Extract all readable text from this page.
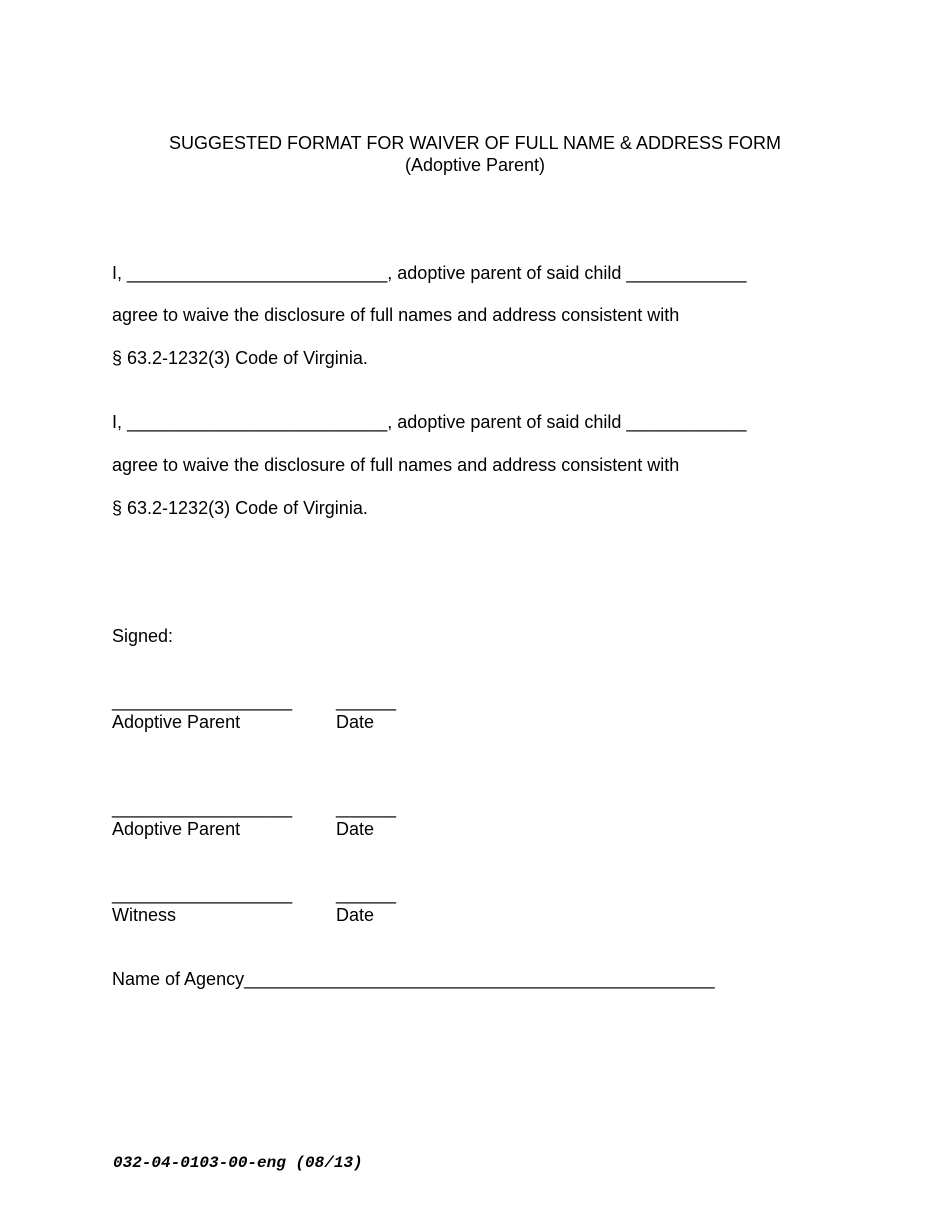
SUGGESTED FORMAT FOR WAIVER OF FULL NAME & ADDRESS FORM
(Adoptive Parent)
I, __________________________, adoptive parent of said child ____________
agree to waive the disclosure of full names and address consistent with
§ 63.2-1232(3) Code of Virginia.
I, __________________________, adoptive parent of said child ____________
agree to waive the disclosure of full names and address consistent with
§ 63.2-1232(3) Code of Virginia.
Signed:
__________________ ______
Adoptive Parent	Date
__________________ ______
Adoptive Parent	Date
__________________ ______
Witness	Date
Name of Agency_______________________________________________
032-04-0103-00-eng (08/13)
